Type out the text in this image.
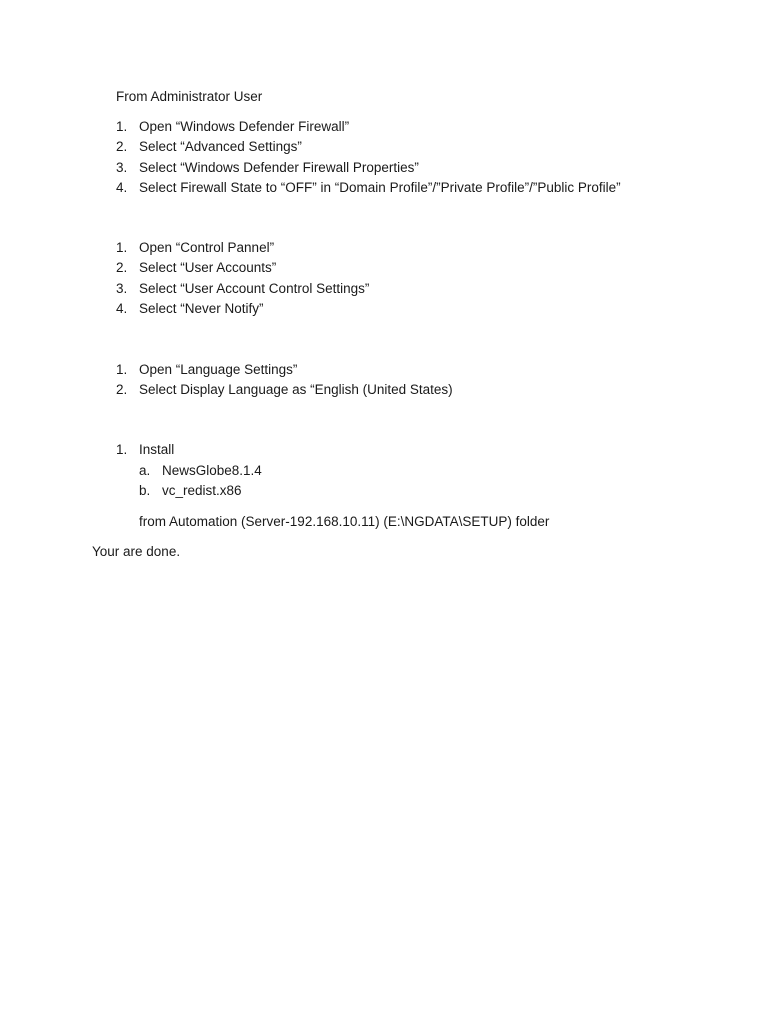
From Administrator User
1. Open “Windows Defender Firewall”
2. Select “Advanced Settings”
3. Select “Windows Defender Firewall Properties”
4. Select Firewall State to “OFF” in “Domain Profile”/”Private Profile”/”Public Profile”
1. Open “Control Pannel”
2. Select “User Accounts”
3. Select “User Account Control Settings”
4. Select “Never Notify”
1. Open “Language Settings”
2. Select Display Language as “English (United States)
1. Install
a. NewsGlobe8.1.4
b. vc_redist.x86
from Automation (Server-192.168.10.11) (E:\NGDATA\SETUP) folder
Your are done.
